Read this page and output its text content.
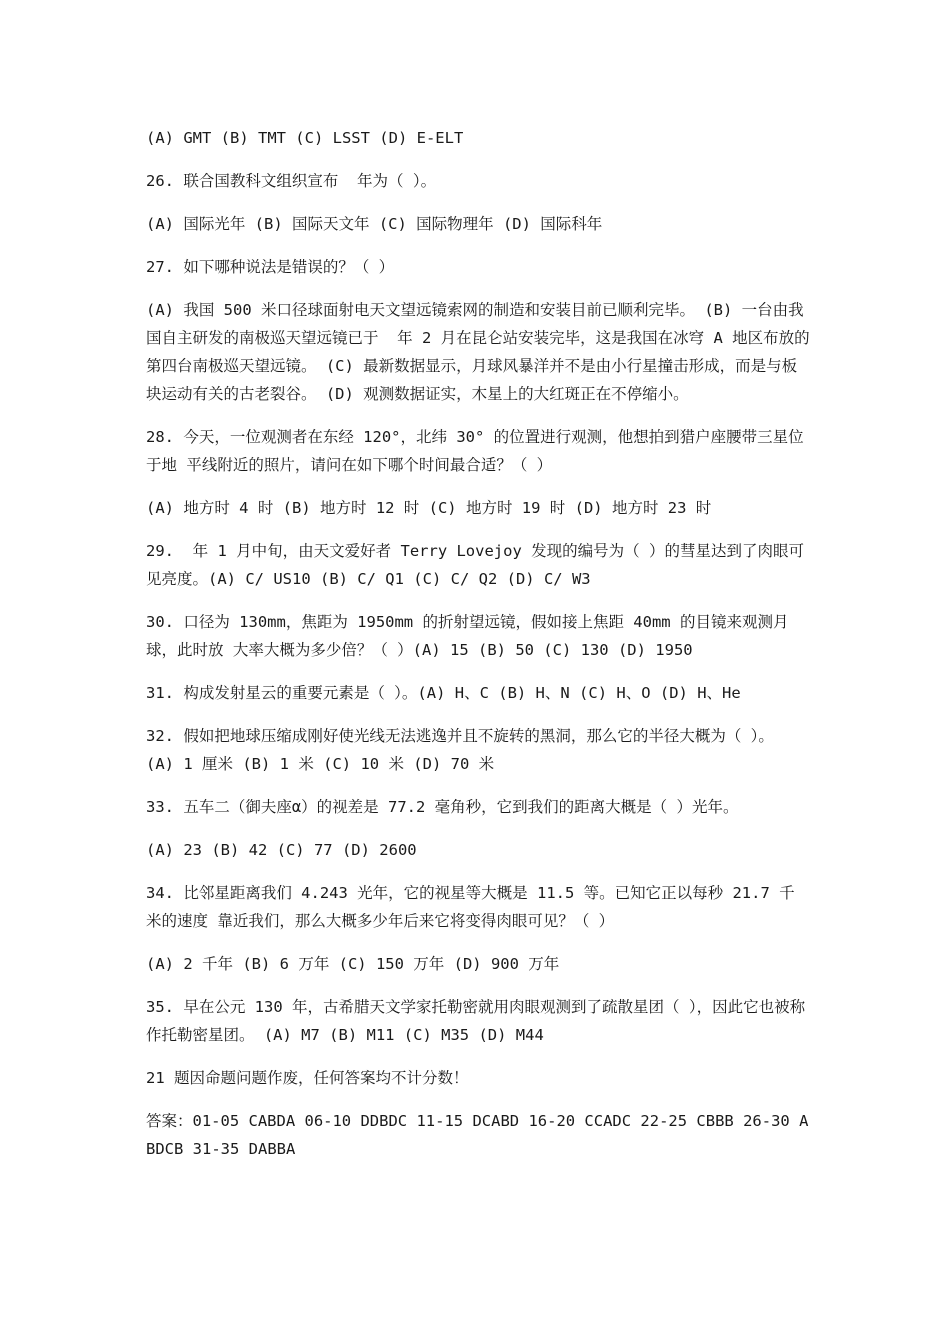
(A) GMT (B) TMT (C) LSST (D) E-ELT

26. 联合国教科文组织宣布  年为（ ）。

(A) 国际光年 (B) 国际天文年 (C) 国际物理年 (D) 国际科年

27. 如下哪种说法是错误的？（ ）

(A) 我国 500 米口径球面射电天文望远镜索网的制造和安装目前已顺利完毕。 (B) 一台由我国自主研发的南极巡天望远镜已于  年 2 月在昆仑站安装完毕，这是我国在冰穹 A 地区布放的第四台南极巡天望远镜。 (C) 最新数据显示，月球风暴洋并不是由小行星撞击形成，而是与板块运动有关的古老裂谷。 (D) 观测数据证实，木星上的大红斑正在不停缩小。

28. 今天，一位观测者在东经 120°，北纬 30° 的位置进行观测，他想拍到猎户座腰带三星位于地 平线附近的照片，请问在如下哪个时间最合适？（ ）

(A) 地方时 4 时 (B) 地方时 12 时 (C) 地方时 19 时 (D) 地方时 23 时

29.  年 1 月中旬，由天文爱好者 Terry Lovejoy 发现的编号为（ ）的彗星达到了肉眼可 见亮度。(A) C/ US10 (B) C/ Q1 (C) C/ Q2 (D) C/ W3

30. 口径为 130mm，焦距为 1950mm 的折射望远镜，假如接上焦距 40mm 的目镜来观测月球，此时放 大率大概为多少倍？（ ）(A) 15 (B) 50 (C) 130 (D) 1950

31. 构成发射星云的重要元素是（ ）。(A) H、C (B) H、N (C) H、O (D) H、He

32. 假如把地球压缩成刚好使光线无法逃逸并且不旋转的黑洞，那么它的半径大概为（ ）。 (A) 1 厘米 (B) 1 米 (C) 10 米 (D) 70 米

33. 五车二（御夫座α）的视差是 77.2 毫角秒，它到我们的距离大概是（ ）光年。

(A) 23 (B) 42 (C) 77 (D) 2600

34. 比邻星距离我们 4.243 光年，它的视星等大概是 11.5 等。已知它正以每秒 21.7 千米的速度 靠近我们，那么大概多少年后来它将变得肉眼可见？（ ）

(A) 2 千年 (B) 6 万年 (C) 150 万年 (D) 900 万年

35. 早在公元 130 年，古希腊天文学家托勒密就用肉眼观测到了疏散星团（ ），因此它也被称 作托勒密星团。 (A) M7 (B) M11 (C) M35 (D) M44

21 题因命题问题作废，任何答案均不计分数！

答案：01-05 CABDA 06-10 DDBDC 11-15 DCABD 16-20 CCADC 22-25 CBBB 26-30 ABDCB 31-35 DABBA
